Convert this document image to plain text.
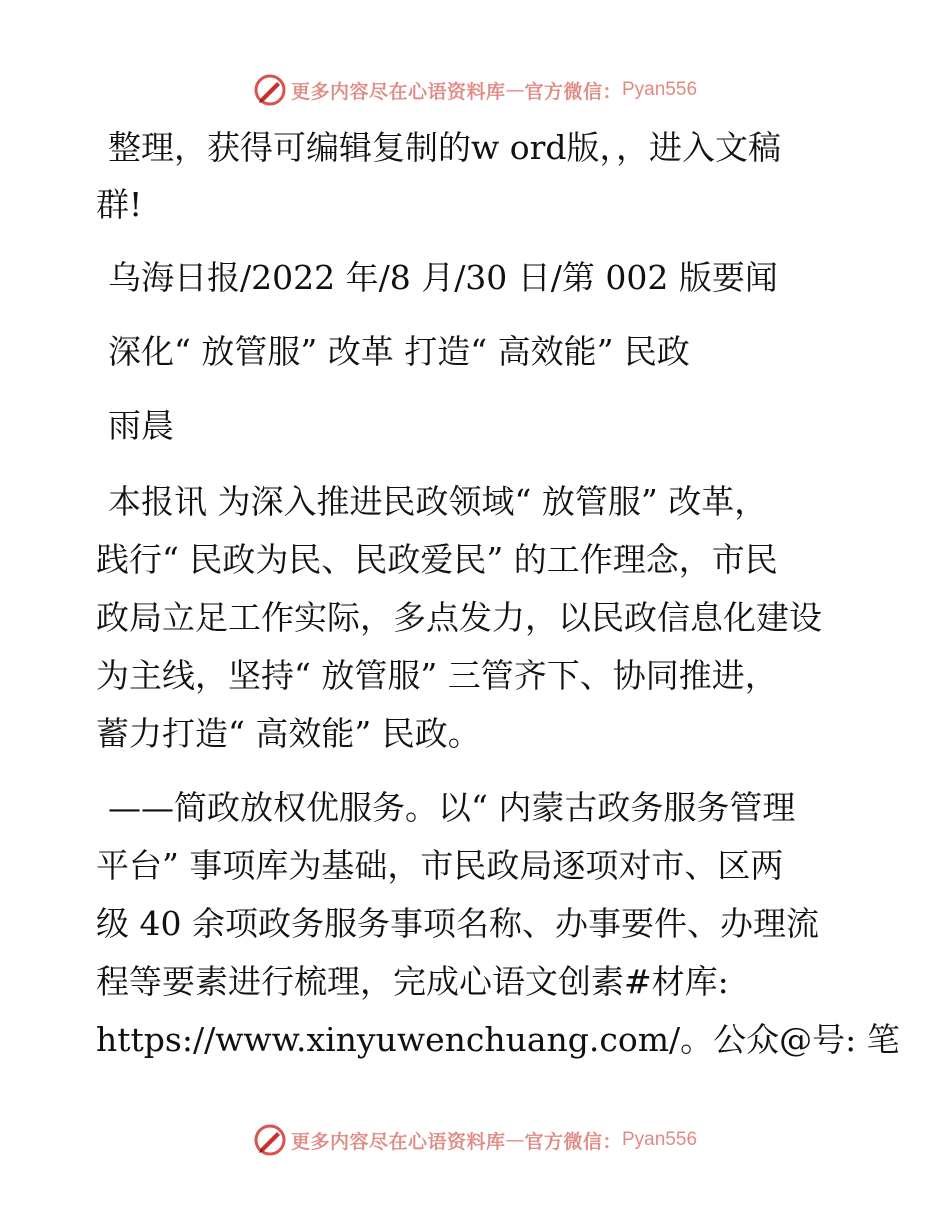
更多内容尽在心语资料库 — 官方微信： Pyan556
整理，获得可编辑复制的w ord版，，进入文稿
群!
乌海日报/2022 年/8 月/30 日/第 002 版要闻
深化“ 放管服” 改革 打造“ 高效能” 民政
雨晨
本报讯 为深入推进民政领域“ 放管服” 改革，
践行“ 民政为民、民政爱民” 的工作理念，市民
政局立足工作实际，多点发力，以民政信息化建设
为主线，坚持“ 放管服” 三管齐下、协同推进，
蓄力打造“ 高效能” 民政。
——简政放权优服务。以“ 内蒙古政务服务管理
平台” 事项库为基础，市民政局逐项对市、区两
级 40 余项政务服务事项名称、办事要件、办理流
程等要素进行梳理，完成心语文创素#材库:
https://www.xinyuwenchuang.com/。公众@号: 笔
更多内容尽在心语资料库 — 官方微信： Pyan556
